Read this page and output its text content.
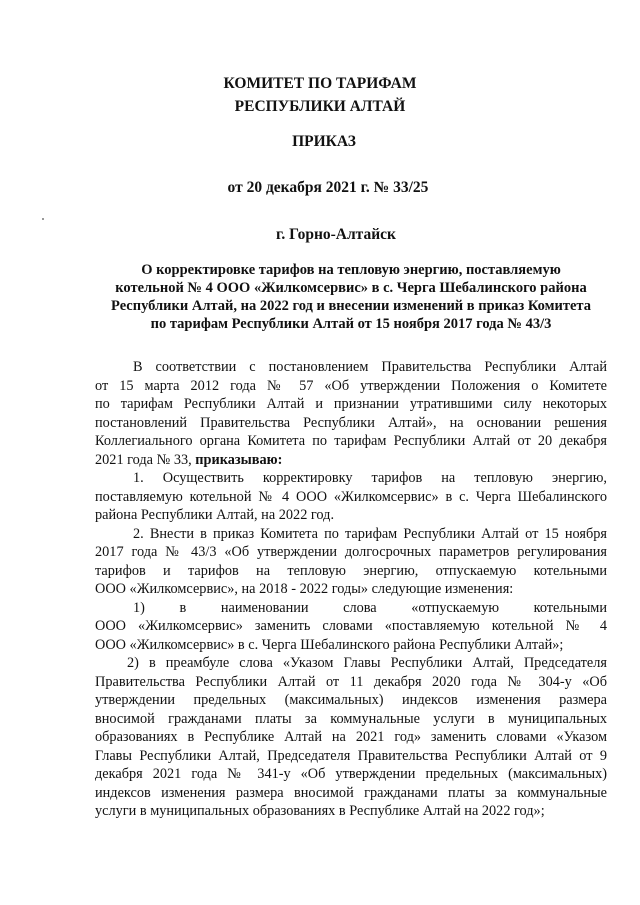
КОМИТЕТ ПО ТАРИФАМ
РЕСПУБЛИКИ АЛТАЙ
ПРИКАЗ
от 20 декабря 2021 г. № 33/25
г. Горно-Алтайск
О корректировке тарифов на тепловую энергию, поставляемую
котельной № 4 ООО «Жилкомсервис» в с. Черга Шебалинского района
Республики Алтай, на 2022 год и внесении изменений в приказ Комитета
по тарифам Республики Алтай от 15 ноября 2017 года № 43/3
В соответствии с постановлением Правительства Республики Алтай
от 15 марта 2012 года № 57 «Об утверждении Положения о Комитете
по тарифам Республики Алтай и признании утратившими силу некоторых
постановлений Правительства Республики Алтай», на основании решения
Коллегиального органа Комитета по тарифам Республики Алтай от 20 декабря
2021 года № 33, приказываю:
1. Осуществить корректировку тарифов на тепловую энергию,
поставляемую котельной № 4 ООО «Жилкомсервис» в с. Черга Шебалинского
района Республики Алтай, на 2022 год.
2. Внести в приказ Комитета по тарифам Республики Алтай от 15 ноября
2017 года № 43/3 «Об утверждении долгосрочных параметров регулирования
тарифов и тарифов на тепловую энергию, отпускаемую котельными
ООО «Жилкомсервис», на 2018 - 2022 годы» следующие изменения:
1) в наименовании слова «отпускаемую котельными
ООО «Жилкомсервис» заменить словами «поставляемую котельной № 4
ООО «Жилкомсервис» в с. Черга Шебалинского района Республики Алтай»;
2) в преамбуле слова «Указом Главы Республики Алтай, Председателя
Правительства Республики Алтай от 11 декабря 2020 года № 304-у «Об
утверждении предельных (максимальных) индексов изменения размера
вносимой гражданами платы за коммунальные услуги в муниципальных
образованиях в Республике Алтай на 2021 год» заменить словами «Указом
Главы Республики Алтай, Председателя Правительства Республики Алтай от 9
декабря 2021 года № 341-у «Об утверждении предельных (максимальных)
индексов изменения размера вносимой гражданами платы за коммунальные
услуги в муниципальных образованиях в Республике Алтай на 2022 год»;
